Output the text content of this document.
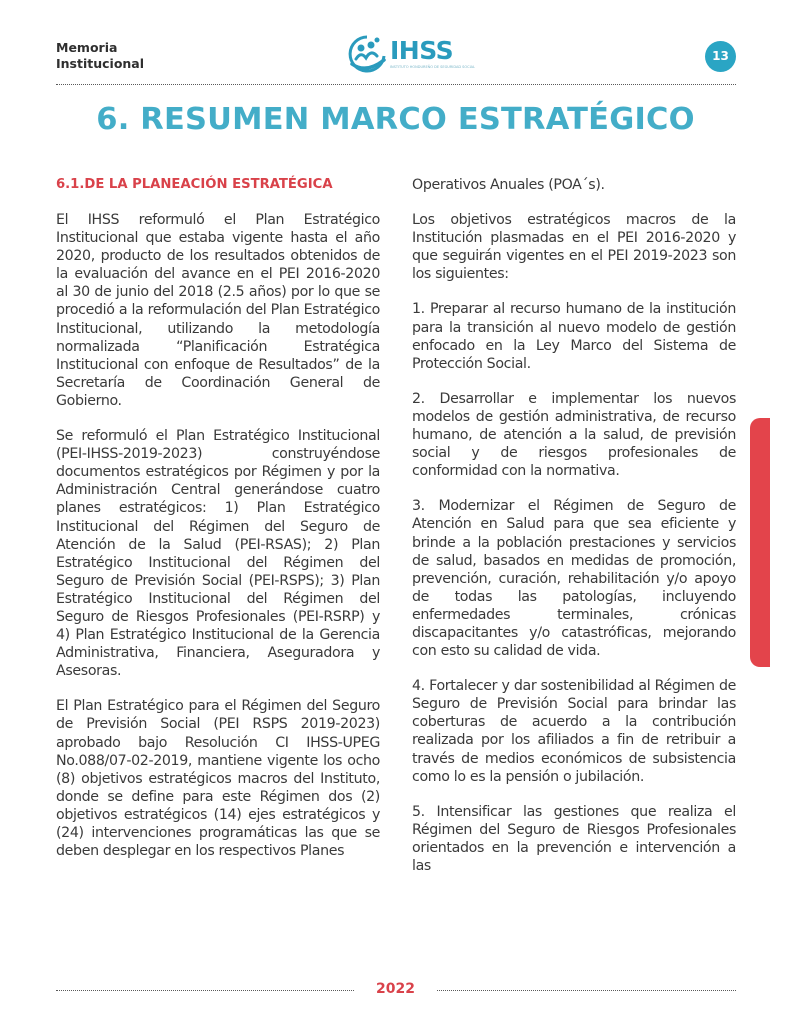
Memoria
Institucional	IHSS
INSTITUTO HONDUREÑO DE SEGURIDAD SOCIAL
13
6. RESUMEN MARCO ESTRATÉGICO
6.1.DE LA PLANEACIÓN ESTRATÉGICA

El IHSS reformuló el Plan Estratégico Institucional que estaba vigente hasta el año 2020, producto de los resultados obtenidos de la evaluación del avance en el PEI 2016-2020 al 30 de junio del 2018 (2.5 años) por lo que se procedió a la reformulación del Plan Estratégico Institucional, utilizando la metodología normalizada “Planificación Estratégica Institucional con enfoque de Resultados” de la Secretaría de Coordinación General de Gobierno.

Se reformuló el Plan Estratégico Institucional (PEI-IHSS-2019-2023) construyéndose documentos estratégicos por Régimen y por la Administración Central generándose cuatro planes estratégicos: 1) Plan Estratégico Institucional del Régimen del Seguro de Atención de la Salud (PEI-RSAS); 2) Plan Estratégico Institucional del Régimen del Seguro de Previsión Social (PEI-RSPS); 3) Plan Estratégico Institucional del Régimen del Seguro de Riesgos Profesionales (PEI-RSRP) y 4) Plan Estratégico Institucional de la Gerencia Administrativa, Financiera, Aseguradora y Asesoras.

El Plan Estratégico para el Régimen del Seguro de Previsión Social (PEI RSPS 2019-2023) aprobado bajo Resolución CI IHSS-UPEG No.088/07-02-2019, mantiene vigente los ocho (8) objetivos estratégicos macros del Instituto, donde se define para este Régimen dos (2) objetivos estratégicos (14) ejes estratégicos y (24) intervenciones programáticas las que se deben desplegar en los respectivos Planes

Operativos Anuales (POA´s).

Los objetivos estratégicos macros de la Institución plasmadas en el PEI 2016-2020 y que seguirán vigentes en el PEI 2019-2023 son los siguientes:

1. Preparar al recurso humano de la institución para la transición al nuevo modelo de gestión enfocado en la Ley Marco del Sistema de Protección Social.

2. Desarrollar e implementar los nuevos modelos de gestión administrativa, de recurso humano, de atención a la salud, de previsión social y de riesgos profesionales de conformidad con la normativa.

3. Modernizar el Régimen de Seguro de Atención en Salud para que sea eficiente y brinde a la población prestaciones y servicios de salud, basados en medidas de promoción, prevención, curación, rehabilitación y/o apoyo de todas las patologías, incluyendo enfermedades terminales, crónicas discapacitantes y/o catastróficas, mejorando con esto su calidad de vida.

4. Fortalecer y dar sostenibilidad al Régimen de Seguro de Previsión Social para brindar las coberturas de acuerdo a la contribución realizada por los afiliados a fin de retribuir a través de medios económicos de subsistencia como lo es la pensión o jubilación.

5. Intensificar las gestiones que realiza el Régimen del Seguro de Riesgos Profesionales orientados en la prevención e intervención a las

2022
